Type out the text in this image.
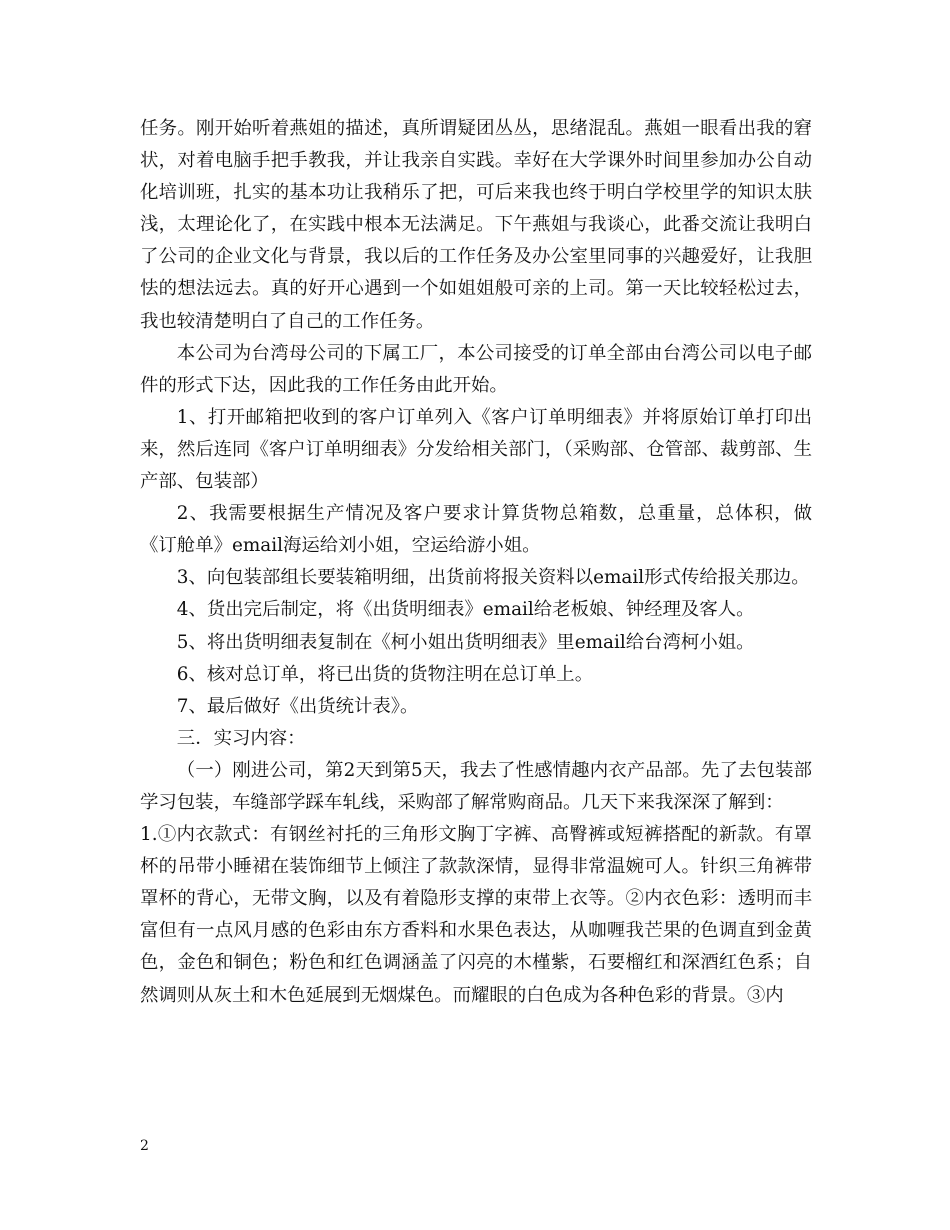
任务。刚开始听着燕姐的描述，真所谓疑团丛丛，思绪混乱。燕姐一眼看出我的窘状，对着电脑手把手教我，并让我亲自实践。幸好在大学课外时间里参加办公自动化培训班，扎实的基本功让我稍乐了把，可后来我也终于明白学校里学的知识太肤浅，太理论化了，在实践中根本无法满足。下午燕姐与我谈心，此番交流让我明白了公司的企业文化与背景，我以后的工作任务及办公室里同事的兴趣爱好，让我胆怯的想法远去。真的好开心遇到一个如姐姐般可亲的上司。第一天比较轻松过去，我也较清楚明白了自己的工作任务。

本公司为台湾母公司的下属工厂，本公司接受的订单全部由台湾公司以电子邮件的形式下达，因此我的工作任务由此开始。

1、打开邮箱把收到的客户订单列入《客户订单明细表》并将原始订单打印出来，然后连同《客户订单明细表》分发给相关部门，（采购部、仓管部、裁剪部、生产部、包装部）

2、我需要根据生产情况及客户要求计算货物总箱数，总重量，总体积，做《订舱单》email海运给刘小姐，空运给游小姐。

3、向包装部组长要装箱明细，出货前将报关资料以email形式传给报关那边。

4、货出完后制定，将《出货明细表》email给老板娘、钟经理及客人。

5、将出货明细表复制在《柯小姐出货明细表》里email给台湾柯小姐。

6、核对总订单，将已出货的货物注明在总订单上。

7、最后做好《出货统计表》。

三．实习内容：

（一）刚进公司，第2天到第5天，我去了性感情趣内衣产品部。先了去包装部学习包装，车缝部学踩车轧线，采购部了解常购商品。几天下来我深深了解到：

1.①内衣款式：有钢丝衬托的三角形文胸丁字裤、高臀裤或短裤搭配的新款。有罩杯的吊带小睡裙在装饰细节上倾注了款款深情，显得非常温婉可人。针织三角裤带罩杯的背心，无带文胸，以及有着隐形支撑的束带上衣等。②内衣色彩：透明而丰富但有一点风月感的色彩由东方香料和水果色表达，从咖喱我芒果的色调直到金黄色，金色和铜色；粉色和红色调涵盖了闪亮的木槿紫，石要榴红和深酒红色系；自然调则从灰土和木色延展到无烟煤色。而耀眼的白色成为各种色彩的背景。③内

2
